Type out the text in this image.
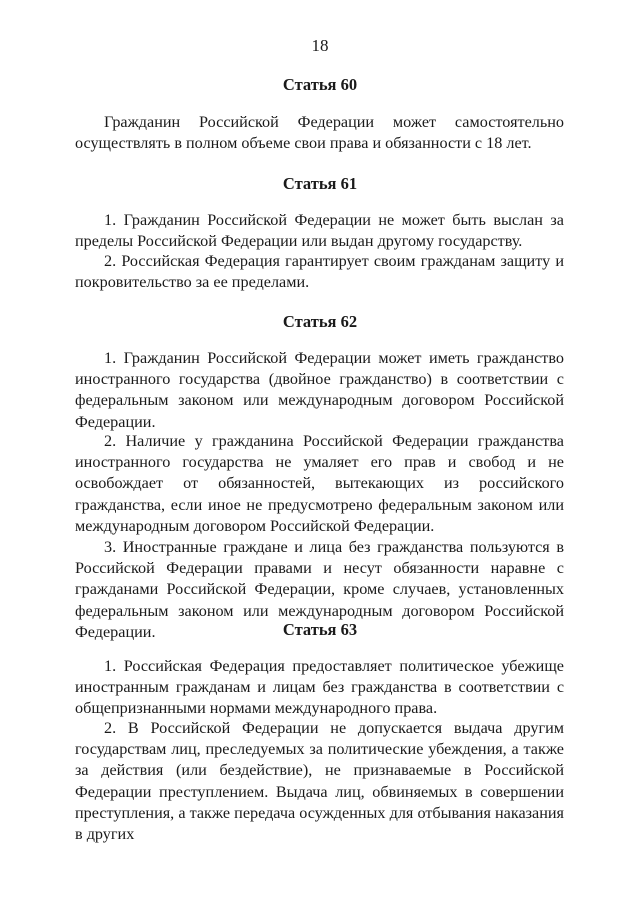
18
Статья 60

Гражданин Российской Федерации может самостоятельно осуществлять в полном объеме свои права и обязанности с 18 лет.

Статья 61

1. Гражданин Российской Федерации не может быть выслан за пределы Российской Федерации или выдан другому государству.

2. Российская Федерация гарантирует своим гражданам защиту и покровительство за ее пределами.

Статья 62

1. Гражданин Российской Федерации может иметь гражданство иностранного государства (двойное гражданство) в соответствии с федеральным законом или международным договором Российской Федерации.

2. Наличие у гражданина Российской Федерации гражданства иностранного государства не умаляет его прав и свобод и не освобождает от обязанностей, вытекающих из российского гражданства, если иное не предусмотрено федеральным законом или международным договором Российской Федерации.

3. Иностранные граждане и лица без гражданства пользуются в Российской Федерации правами и несут обязанности наравне с гражданами Российской Федерации, кроме случаев, установленных федеральным законом или международным договором Российской Федерации.	Статья 63

1. Российская Федерация предоставляет политическое убежище иностранным гражданам и лицам без гражданства в соответствии с общепризнанными нормами международного права.

2. В Российской Федерации не допускается выдача другим государствам лиц, преследуемых за политические убеждения, а также за действия (или бездействие), не признаваемые в Российской Федерации преступлением. Выдача лиц, обвиняемых в совершении преступления, а также передача осужденных для отбывания наказания в других
